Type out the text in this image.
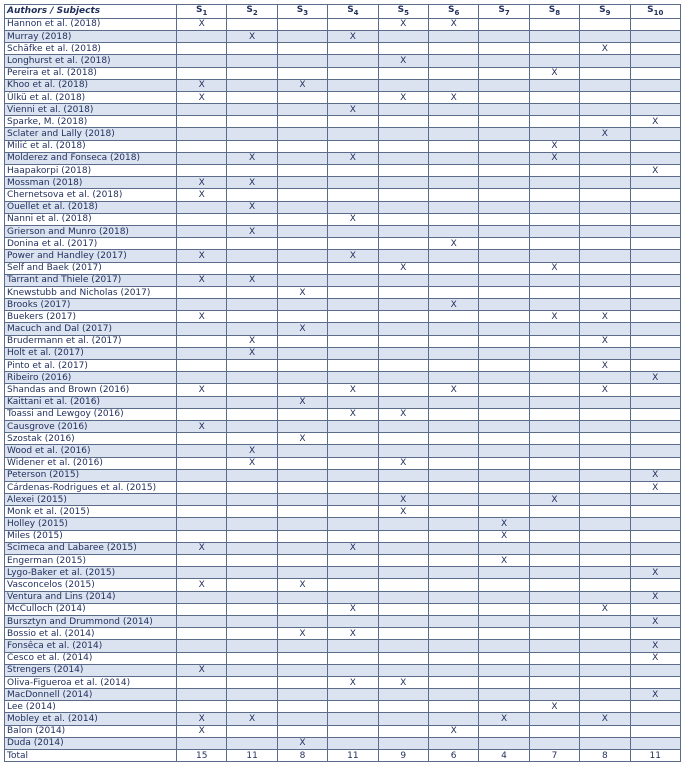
Authors / Subjects	$S_1$	$S_2$	$S_3$	$S_4$	$S_5$	$S_6$	$S_7$	$S_8$	$S_9$	$S_{10}$
Hannon et al. (2018)	X				X	X				
Murray (2018)		X		X						
Schäfke et al. (2018)									X	
Longhurst et al. (2018)					X					
Pereira et al. (2018)								X		
Khoo et al. (2018)	X		X							
Ülkü et al. (2018)	X				X	X				
Vienni et al. (2018)				X						
Sparke, M. (2018)										X
Sclater and Lally (2018)									X	
Milić et al. (2018)								X		
Molderez and Fonseca (2018)		X		X				X		
Haapakorpi (2018)										X
Mossman (2018)	X	X								
Chernetsova et al. (2018)	X									
Ouellet et al. (2018)		X								
Nanni et al. (2018)				X						
Grierson and Munro (2018)		X								
Donina et al. (2017)						X				
Power and Handley (2017)	X			X						
Self and Baek (2017)					X			X		
Tarrant and Thiele (2017)	X	X								
Knewstubb and Nicholas (2017)			X							
Brooks (2017)						X				
Buekers (2017)	X							X	X	
Macuch and Dal (2017)			X							
Brudermann et al. (2017)		X							X	
Holt et al. (2017)		X								
Pinto et al. (2017)									X	
Ribeiro (2016)										X
Shandas and Brown (2016)	X			X		X			X	
Kaittani et al. (2016)			X							
Toassi and Lewgoy (2016)				X	X					
Causgrove (2016)	X									
Szostak (2016)			X							
Wood et al. (2016)		X								
Widener et al. (2016)		X			X					
Peterson (2015)										X
Cárdenas-Rodrigues et al. (2015)										X
Alexei (2015)					X			X		
Monk et al. (2015)					X					
Holley (2015)							X			
Miles (2015)							X			
Scimeca and Labaree (2015)	X			X						
Engerman (2015)							X			
Lygo-Baker et al. (2015)										X
Vasconcelos (2015)	X		X							
Ventura and Lins (2014)										X
McCulloch (2014)				X					X	
Bursztyn and Drummond (2014)										X
Bossio et al. (2014)			X	X						
Fonsêca et al. (2014)										X
Cesco et al. (2014)										X
Strengers (2014)	X									
Oliva-Figueroa et al. (2014)				X	X					
MacDonnell (2014)										X
Lee (2014)								X		
Mobley et al. (2014)	X	X					X		X	
Balon (2014)	X					X				
Duda (2014)			X							
Total	15	11	8	11	9	6	4	7	8	11
